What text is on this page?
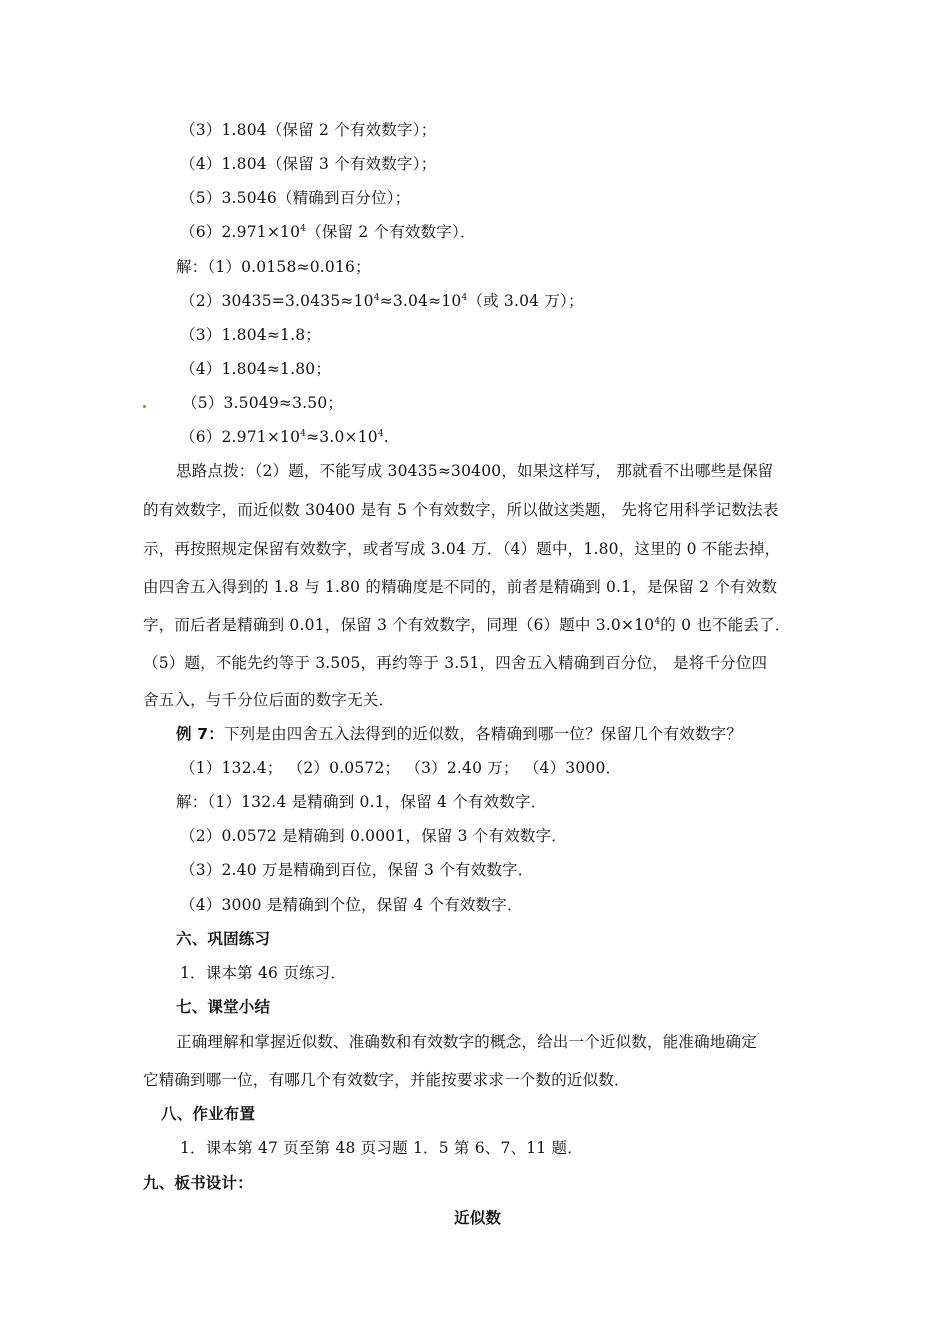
（3）1.804（保留 2 个有效数字）；
（4）1.804（保留 3 个有效数字）；
（5）3.5046（精确到百分位）；
$(6)2.971\times 10^4$（保留 2 个有效数字）．
解：（1）0.0158≈0.016；
$(2)30435=3.0435\approx 10^4\approx 3.04\approx 10^4$（或 3.04 万）；
（3）1.804≈1.8；
（4）1.804≈1.80；
（5）3.5049≈3.50；
$(6)2.971\times 10^4\approx 3.0\times 10^4$.
思路点拨：（2）题，不能写成 30435≈30400，如果这样写， 那就看不出哪些是保留
的有效数字，而近似数 30400 是有 5 个有效数字，所以做这类题， 先将它用科学记数法表
示，再按照规定保留有效数字，或者写成 3.04 万．（4）题中，1.80，这里的 0 不能去掉，
由四舍五入得到的 1.8 与 1.80 的精确度是不同的，前者是精确到 0.1，是保留 2 个有效数
字，而后者是精确到 0.01，保留 3 个有效数字，同理（6）题中 $3.0\times 10^4$的 0 也不能丢了．
（5）题，不能先约等于 3.505，再约等于 3.51，四舍五入精确到百分位， 是将千分位四
舍五入，与千分位后面的数字无关．
例 7：下列是由四舍五入法得到的近似数，各精确到哪一位？保留几个有效数字？
（1）132.4； （2）0.0572； （3）2.40 万； （4）3000．
解：（1）132.4 是精确到 0.1，保留 4 个有效数字．
（2）0.0572 是精确到 0.0001，保留 3 个有效数字．
（3）2.40 万是精确到百位，保留 3 个有效数字．
（4）3000 是精确到个位，保留 4 个有效数字．
六、巩固练习
1．课本第 46 页练习．
七、课堂小结
正确理解和掌握近似数、准确数和有效数字的概念，给出一个近似数，能准确地确定
它精确到哪一位，有哪几个有效数字，并能按要求求一个数的近似数．
八、作业布置
1．课本第 47 页至第 48 页习题 1．5 第 6、7、11 题．
九、板书设计：
近似数
